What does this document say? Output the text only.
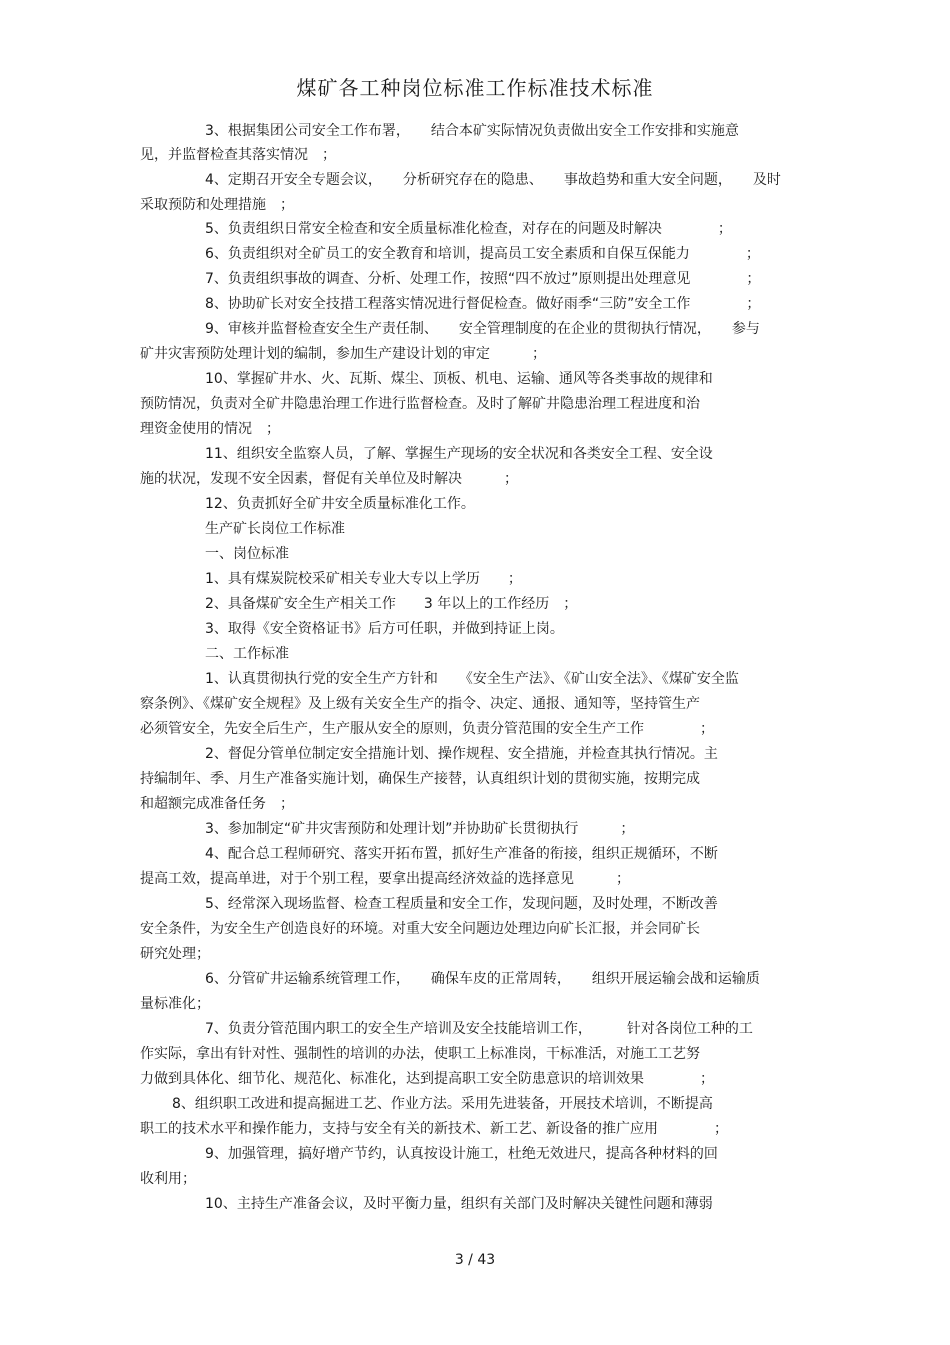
煤矿各工种岗位标准工作标准技术标准
3、根据集团公司安全工作布署，　　结合本矿实际情况负责做出安全工作安排和实施意
见，并监督检查其落实情况　；
4、定期召开安全专题会议，　　分析研究存在的隐患、　　事故趋势和重大安全问题，　　及时
采取预防和处理措施　；
5、负责组织日常安全检查和安全质量标准化检查，对存在的问题及时解决　　　　；
6、负责组织对全矿员工的安全教育和培训，提高员工安全素质和自保互保能力　　　　；
7、负责组织事故的调查、分析、处理工作，按照“四不放过”原则提出处理意见　　　　；
8、协助矿长对安全技措工程落实情况进行督促检查。做好雨季“三防”安全工作　　　　；
9、审核并监督检查安全生产责任制、　　安全管理制度的在企业的贯彻执行情况，　　参与
矿井灾害预防处理计划的编制，参加生产建设计划的审定　　　；
10、掌握矿井水、火、瓦斯、煤尘、顶板、机电、运输、通风等各类事故的规律和
预防情况，负责对全矿井隐患治理工作进行监督检查。及时了解矿井隐患治理工程进度和治
理资金使用的情况　；
11、组织安全监察人员，了解、掌握生产现场的安全状况和各类安全工程、安全设
施的状况，发现不安全因素，督促有关单位及时解决　　　；
12、负责抓好全矿井安全质量标准化工作。
生产矿长岗位工作标准
一、岗位标准
1、具有煤炭院校采矿相关专业大专以上学历　　；
2、具备煤矿安全生产相关工作　　3 年以上的工作经历　；
3、取得《安全资格证书》后方可任职，并做到持证上岗。
二、工作标准
1、认真贯彻执行党的安全生产方针和　　《安全生产法》、《矿山安全法》、《煤矿安全监
察条例》、《煤矿安全规程》及上级有关安全生产的指令、决定、通报、通知等，坚持管生产
必须管安全，先安全后生产，生产服从安全的原则，负责分管范围的安全生产工作　　　　；
2、督促分管单位制定安全措施计划、操作规程、安全措施，并检查其执行情况。主
持编制年、季、月生产准备实施计划，确保生产接替，认真组织计划的贯彻实施，按期完成
和超额完成准备任务　；
3、参加制定“矿井灾害预防和处理计划”并协助矿长贯彻执行　　　；
4、配合总工程师研究、落实开拓布置，抓好生产准备的衔接，组织正规循环，不断
提高工效，提高单进，对于个别工程，要拿出提高经济效益的选择意见　　　；
5、经常深入现场监督、检查工程质量和安全工作，发现问题，及时处理，不断改善
安全条件，为安全生产创造良好的环境。对重大安全问题边处理边向矿长汇报，并会同矿长
研究处理；
6、分管矿井运输系统管理工作，　　确保车皮的正常周转，　　组织开展运输会战和运输质
量标准化；
7、负责分管范围内职工的安全生产培训及安全技能培训工作，　　　针对各岗位工种的工
作实际，拿出有针对性、强制性的培训的办法，使职工上标准岗，干标准活，对施工工艺努
力做到具体化、细节化、规范化、标准化，达到提高职工安全防患意识的培训效果　　　　；
8、组织职工改进和提高掘进工艺、作业方法。采用先进装备，开展技术培训，不断提高
职工的技术水平和操作能力，支持与安全有关的新技术、新工艺、新设备的推广应用　　　　；
9、加强管理，搞好增产节约，认真按设计施工，杜绝无效进尺，提高各种材料的回
收利用；
10、主持生产准备会议，及时平衡力量，组织有关部门及时解决关键性问题和薄弱
3 / 43
